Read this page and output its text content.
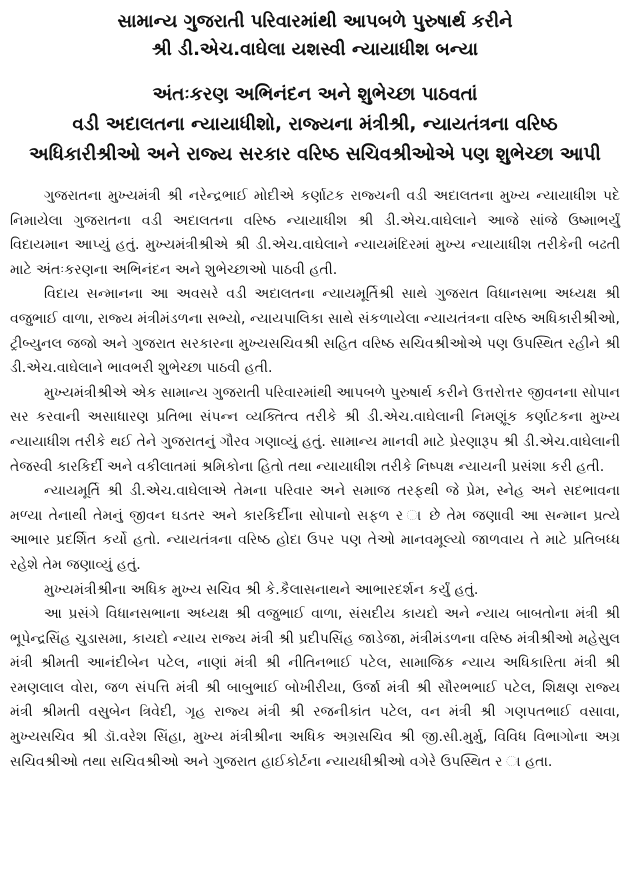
સામાન્ય ગુજરાતી પરિવારમાંથી આપબળે પુરુષાર્થ કરીને

શ્રી ડી.એચ.વાઘેલા યશસ્વી ન્યાયાધીશ બન્યા

અંતઃકરણ અભિનંદન અને શુભેચ્છા પાઠવતાં

વડી અદાલતના ન્યાયાધીશો, રાજ્યના મંત્રીશ્રી, ન્યાયતંત્રના વરિષ્ઠ

અધિકારીશ્રીઓ અને રાજ્ય સરકાર વરિષ્ઠ સચિવશ્રીઓએ પણ શુભેચ્છા આપી

ગુજરાતના મુખ્યમંત્રી શ્રી નરેન્દ્રભાઈ મોદીએ કર્ણાટક રાજ્યની વડી અદાલતના મુખ્ય ન્યાયાધીશ પદે નિમાયેલા ગુજરાતના વડી અદાલતના વરિષ્ઠ ન્યાયાધીશ શ્રી ડી.એચ.વાઘેલાને આજે સાંજે ઉષ્માભર્યું વિદાયમાન આપ્યું હતું. મુખ્યમંત્રીશ્રીએ શ્રી ડી.એચ.વાઘેલાને ન્યાયમંદિરમાં મુખ્ય ન્યાયાધીશ તરીકેની બઢતી માટે અંતઃકરણના અભિનંદન અને શુભેચ્છાઓ પાઠવી હતી.

વિદાય સન્માનના આ અવસરે વડી અદાલતના ન્યાયમૂર્તિશ્રી સાથે ગુજરાત વિધાનસભા અધ્યક્ષ શ્રી વજુભાઈ વાળા, રાજ્ય મંત્રીમંડળના સભ્યો, ન્યાયપાલિકા સાથે સંકળાયેલા ન્યાયતંત્રના વરિષ્ઠ અધિકારીશ્રીઓ, ટ્રીબ્યુનલ જજો અને ગુજરાત સરકારના મુખ્યસચિવશ્રી સહિત વરિષ્ઠ સચિવશ્રીઓએ પણ ઉપસ્થિત રહીને શ્રી ડી.એચ.વાઘેલાને ભાવભરી શુભેચ્છા પાઠવી હતી.

મુખ્યમંત્રીશ્રીએ એક સામાન્ય ગુજરાતી પરિવારમાંથી આપબળે પુરુષાર્થ કરીને ઉત્તરોત્તર જીવનના સોપાન સર કરવાની અસાધારણ પ્રતિભા સંપન્ન વ્યક્તિત્વ તરીકે શ્રી ડી.એચ.વાઘેલાની નિમણૂંક કર્ણાટકના મુખ્ય ન્યાયાધીશ તરીકે થઈ તેને ગુજરાતનું ગૌરવ ગણાવ્યું હતું. સામાન્ય માનવી માટે પ્રેરણારૂપ શ્રી ડી.એચ.વાઘેલાની તેજસ્વી કારકિર્દી અને વકીલાતમાં શ્રમિકોના હિતો તથા ન્યાયાધીશ તરીકે નિષ્પક્ષ ન્યાયની પ્રસંશા કરી હતી.

ન્યાયમૂર્તિ શ્રી ડી.એચ.વાઘેલાએ તેમના પરિવાર અને સમાજ તરફથી જે પ્રેમ, સ્નેહ અને સદભાવના મળ્યા તેનાથી તેમનું જીવન ઘડતર અને કારકિર્દીના સોપાનો સફળ ર ા છે તેમ જણાવી આ સન્માન પ્રત્યે આભાર પ્રદર્શિત કર્યો હતો. ન્યાયતંત્રના વરિષ્ઠ હોદા ઉપર પણ તેઓ માનવમૂલ્યો જાળવાય તે માટે પ્રતિબધ્ધ રહેશે તેમ જણાવ્યું હતું.

મુખ્યમંત્રીશ્રીના અધિક મુખ્ય સચિવ શ્રી કે.કૈલાસનાથને આભારદર્શન કર્યું હતું.

આ પ્રસંગે વિધાનસભાના અધ્યક્ષ શ્રી વજુભાઈ વાળા, સંસદીય કાયદો અને ન્યાય બાબતોના મંત્રી શ્રી ભૂપેન્દ્રસિંહ ચુડાસમા, કાયદો ન્યાય રાજ્ય મંત્રી શ્રી પ્રદીપસિંહ જાડેજા, મંત્રીમંડળના વરિષ્ઠ મંત્રીશ્રીઓ મહેસુલ મંત્રી શ્રીમતી આનંદીબેન પટેલ, નાણાં મંત્રી શ્રી નીતિનભાઈ પટેલ, સામાજિક ન્યાય અધિકારિતા મંત્રી શ્રી રમણલાલ વોરા, જળ સંપત્તિ મંત્રી શ્રી બાબુભાઈ બોખીરીયા, ઉર્જા મંત્રી શ્રી સૌરભભાઈ પટેલ, શિક્ષણ રાજ્ય મંત્રી શ્રીમતી વસુબેન ત્રિવેદી, ગૃહ રાજ્ય મંત્રી શ્રી રજનીકાંત પટેલ, વન મંત્રી શ્રી ગણપતભાઈ વસાવા, મુખ્યસચિવ શ્રી ડૉ.વરેશ સિંહા, મુખ્ય મંત્રીશ્રીના અધિક અગ્રસચિવ શ્રી જી.સી.મુર્મુ, વિવિધ વિભાગોના અગ્ર સચિવશ્રીઓ તથા સચિવશ્રીઓ અને ગુજરાત હાઈકોર્ટના ન્યાયધીશ્રીઓ વગેરે ઉપસ્થિત ર ા હતા.
